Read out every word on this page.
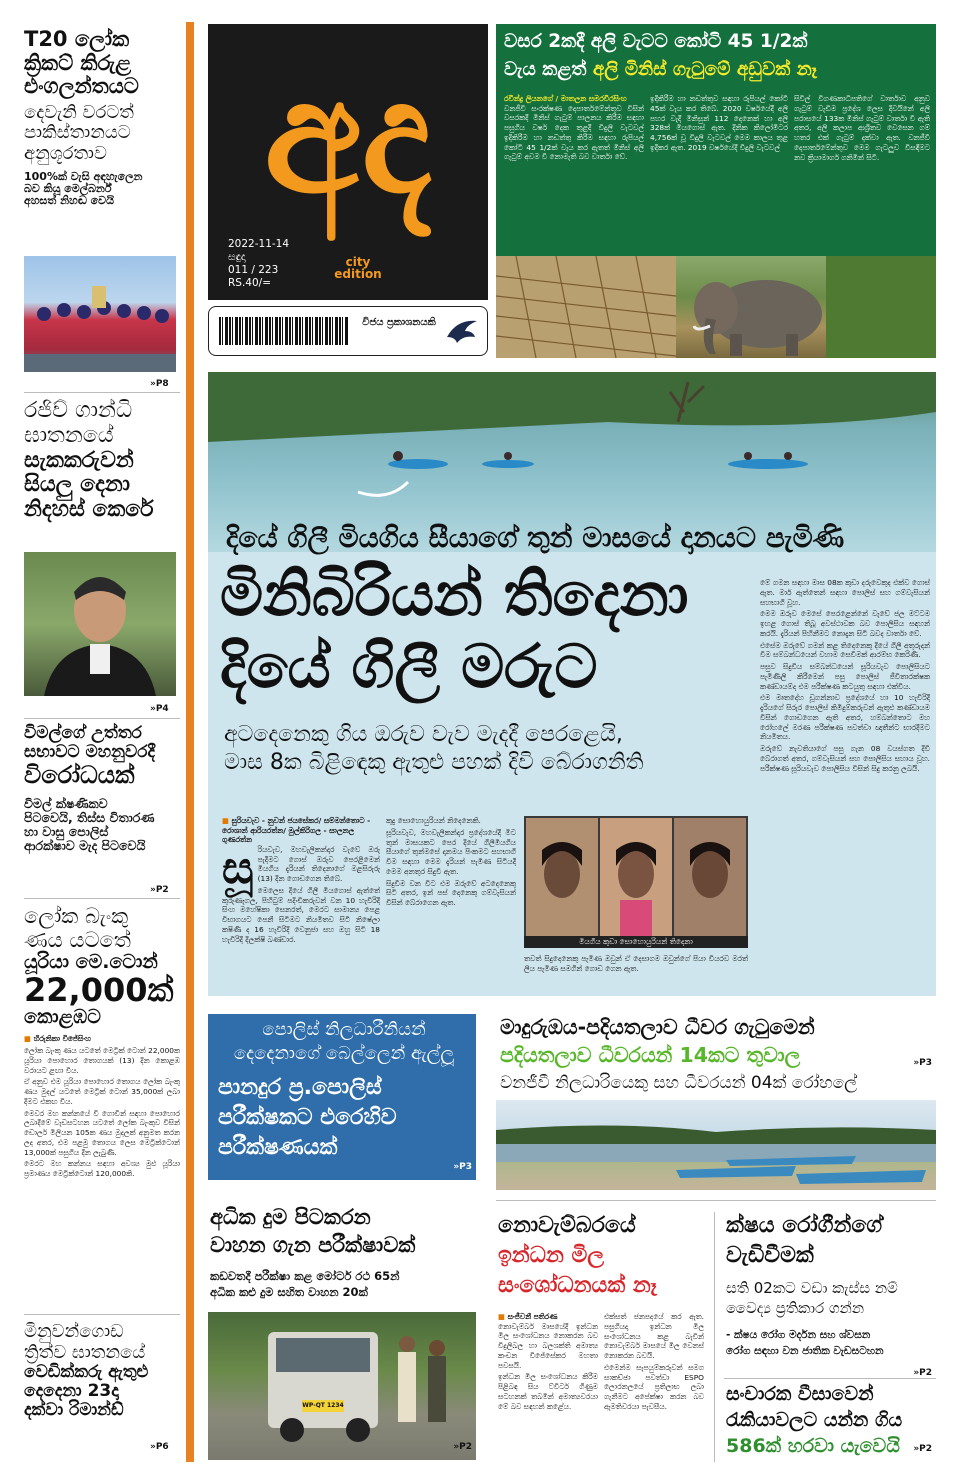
T20 ලෝක
ක්‍රිකට් කිරුළ
එංගලන්තයට
දෙවැනි වරටත්
පාකිස්තානයට
අනුශූරතාව
100%ක් වැසි අඳහැලෙන
බව කියූ මෙල්බර්න්
අහසත් නිහඬ වෙයි
»P8
රජිව් ගාන්ධි
ඝාතනයේ
සැකකරුවන්
සියලු දෙනා
නිදහස් කෙරේ
»P4
විමල්ගේ උත්තර
සභාවට මහනුවරදී
විරෝධයක්
විමල් ක්ෂණිකව
පිටවෙයි, තිස්ස විතාරණ
හා වාසු පොලිස්
ආරක්ෂාව මැද පිටවෙයි
»P2
ලෝක බැංකු
ණය යටතේ
යූරියා මෙ.ටොන්
22,000ක්
කොළඹට
■ හිරුනිකා විජේසිංහ

ලෝක බැංකු ණය යටතේ මෙට්‍රික් ටොන් 22,000ක යූරියා පොහොර තොගයක් (13) දින කොළඹ වරායට ළඟා විය.

ඒ අනුව එම යූරියා පොහොර තොගය ලෝක බැංකු ණය මුදල් යටතේ මෙට්‍රික් ටොන් 35,000ක් ලබා දීමට එකඟ විය.

මෙවර මහ කන්නයේ වී ගොවීන් සඳහා පොහොර ලබාදීමේ වැඩසටහන යටතේ ලෝක බැංකුව විසින් ඩොලර් මිලියන 105ක ණය මුදලක් අනුමත කරන ලද අතර, එම පළමු තොගය ලෙස මෙට්‍රික්ටොන් 13,000ක් පසුගිය දින ලැබුණි.

මෙරට මහ කන්නය සඳහා අවශ්‍ය මුළු යූරියා ප්‍රමාණය මෙට්‍රික්ටොන් 120,000කි.

මිනුවන්ගොඩ
ත්‍රිත්ව ඝාතනයේ
වෙඩික්කරු ඇතුළු
දෙදෙනා 23දා
දක්වා රිමාන්ඩ්
»P6
අද
city edition
2022-11-14
සඳුදා
011 / 223
RS.40/=
විජය ප්‍රකාශනයකි
වසර 2කදී අලි වැටට කෝටි 45 1/2ක්
වැය කළත් අලි මිනිස් ගැටුමේ අඩුවක් නෑ
රවීන්ද්‍ර ලියනගේ / මාතලන සමරවීරසිංහ

වනජීවී සංරක්ෂණ දෙපාර්තමේන්තුව විසින් වසරකදී මිනිස් ගැටුම් පාලනය කිරීම සඳහා පසුගිය වර්ෂ දෙක තුළදී විදුලි වැටවල් ඉදිකිරීම හා නඩත්තු කිරීම සඳහා රුපියල් කෝටි 45 1/2ක් වැය කර ඇතත් මිනිස් අලි ගැටුම් අවම වී නොමැති බව වාර්තා වේ.

ඉදිකිරීම හා නඩත්තුව සඳහා රුපියල් කෝටි 45ක් වැය කර තිබේ. 2020 වර්ෂයේදී අලි පහර වැදී මිනිසුන් 112 දෙනෙක් හා අලි 328ක් මියගොස් ඇත. දිනික කිලෝමීටර 4,756ක් වූ විදුලි වැටවල් මෙම කාලය තුළ ඉදිකර ඇත. 2019 වර්ෂයේදී විදුලි වැටවල්

සිවිල් විගණකාධිපතිගේ වාර්තාව අනුව ගැටුම් වැඩිම ප්‍රදේශ ලෙස දිවයිනේ අලි පරාසයේ 133ක මිනිස් ගැටුම් වාර්තා වී ඇති අතර, අලි කලාප ආශ්‍රිතව වෙසෙන ගම් හතර එක් ගැටුම් දක්වා ඇත. වනජීවී දෙපාර්තමේන්තුව මෙම ගැටලුව විසඳීමට නව ක්‍රියාමාර්ග ගනිමින් සිටී.

දියේ ගිලී මියගිය සීයාගේ තුන් මාසයේ දානයට පැමිණි
මිනිබිරියන් තිදෙනා
දියේ ගිලී මරුට
අටදෙනෙකු ගිය ඔරුව වැව මැදදී පෙරළෙයි,
මාස 8ක බිළිඳෙකු ඇතුළු පහක් දිවි බේරාගනිති
■ සුරියවැව - නුවන් ජයසේකර/ සම්මන්තොට - රොශාන් ආරියරත්න/ මුල්කිරිගල - සාලනල ගුණරත්න
සූ රියවැව, මහවැලිකන්දාර වැවේ ඔරු පැදීමට ගොස් ඔරුව පෙරළීමෙන් මියගිය දැරියන් තිදෙනාගේ මළසිරුරු (13) දින ගොඩගෙන තිබේ.

මෙලෙස දියේ ගිලී මියගොස් ඇත්තේ කුරුණෑගල, පිහිටුම් පදිංචිකරුවන් වන 10 හැවිරිදි සිංහ මහේෂිකා සෙනරත්, මෙරට සාමාන්‍ය පෙළ විභාගයට පෙනී සිටිමට නියමිතව සිටි නිෂේලා කෂිණි ද 16 හැවිරිදි වෙනුජා සහ ඔහු සිටි 18 හැවිරිදි දිලක්ෂි බණ්ඩාර.

කුදු සොහොයුරියන් නිදෙනෙකි.

සූරියවැව, මහවැලිකන්දාර ප්‍රදේශයේදී මීට තුන් මාසයකට පෙර දියේ ගිලීමියගිය සීයාගේ තුන්මසේ දානමය පිංකමට සහභාගි වීම සඳහා මෙම දැරියන් පැමිණ සිටියදී මෙම අනතුර සිදුවී ඇත.

සිදුවීම වන විට එම ඔරුවේ අටදෙනෙකු සිටි අතර, ඉන් පස් දෙනෙකු ගම්වැසියන් විසින් බේරාගෙන ඇත.

මියගිය කුඩා සොහොයුරියන් තිදෙනා

තවත් සිදුදෙනෙකු පැමිණ ඔවුන් ඒ දෙසාගම ඔවුන්ගේ පියා වියරව මරත් ලිය පැමිණ සමගින් ගොඩ ගෙන ඇත.

මේ ගමන සඳහා මාස 08ක කුඩා දරුවෙකුද එක්ව ගොස් ඇත. මාර් ඇත්තෙන් සඳහා පොලිස් සහ ගම්වැසියන් සහභාගි වූහ.

මෙම ඔරුව මෙසේ පෙරළෙන්නේ වැවේ ජල මට්ටම ඉහළ ගොස් තිබූ අවස්ථාවක බව පොලිසිය සඳහන් කරයි. දැරියන් පිහිනීමට නොදැන සිටි බවද වාර්තා වේ.

එසේම ඔරුවේ ගමන් කළ තිදෙනෙකු දියේ ගිලී අතුරුදන් වීම සම්බන්ධයෙන් වහාම සෙවීමක් ආරම්භ කෙරිණි.

පසුව සිදුවිය සම්බන්ධයෙන් සූරියවැව පොලිසියට පැමිණිලි කිරීමෙන් පසු පොලිස් ජීවිතාරක්ෂක කණ්ඩායම්ද එම පරීක්ෂණ කටයුතු සඳහා එක්විය.

එම මෘතදේහ ඩූගන්නාව ප්‍රදේශයේ හා 10 හැවිරිදි දැරියගේ සිරුර පොලිස් කිමිදුම්කරුවන් ඇතුළු කණ්ඩායම විසින් ගොඩගෙන ඇති අතර, හම්බන්තොට මහ රෝහලේ මරණ පරීක්ෂණ පවත්වා ඥාතීන්ට භාරදීමට නියමිතය.

ඔරුවේ නැවතියාගේ පසු ගැන 08 වයස්ගත දිවි බේරාගත් අතර, ගම්වැසියන් සහ පොලිසිය සහාය වූහ. පරීක්ෂණ සූරියවැව පොලිසිය විසින් සිදු කරනු ලබයි.

පොලිස් නිලධාරීනියන්
දෙදෙනාගේ බෙල්ලෙන් ඇල්ලූ
පානදුර ප්‍ර.පොලිස්
පරීක්ෂකට එරෙහිව
පරීක්ෂණයක්
»P3
මාදුරුඔය-පදියතලාව ධීවර ගැටුමෙන්
පදියතලාව ධීවරයන් 14කට තුවාල	»P3
වනජීවී නිලධාරියෙකු සහ ධීවරයන් 04ක් රෝහලේ
අධික දුම පිටකරන
වාහන ගැන පරීක්ෂාවක්
කඩවතදී පරීක්ෂා කළ මෝටර් රථ 65න්
අධික කළු දුම සහිත වාහන 20ක්
WP-QT 1234
»P2
නොවැම්බරයේ
ඉන්ධන මිල
සංශෝධනයක් නෑ
■ සංජීවනී පතිරණ

නොවැම්බර් මාසයේදී ඉන්ධන මිල සංශෝධනය නොකරන බව විදුලිබල හා බලශක්ති අමාත්‍ය කංචන විජේසේකර මහතා පවසයි.

ඉන්ධන මිල සංශෝධනය කිරීම පිළිබඳ සිය ට්විටර් ගිණුම සටහනක් තබමින් අමාත්‍යවරයා මේ බව සඳහන් කළේය.

එක්සත් ජනපදයේ කර ඇත. පසුගියදා ඉන්ධන මිල සංශෝධනය කළ බැවින් නොවැම්බර් මාසයේ මිල වෙනස් නොකරන බවයි.

එමෙන්ම සැපයුම්කරුවන් සමග සාකච්ඡා පවත්වා ESPO ලොරනලයේ ප්‍රතිලාභ ලබා ගැනීමට අපේක්ෂා කරන බව ඇමතිවරයා පැවසීය.

ක්ෂය රෝගීන්ගේ
වැඩිවීමක්
සති 02කට වඩා කැස්ස නම්
වෛද්‍ය ප්‍රතිකාර ගන්න
- ක්ෂය රෝග මර්දන සහ ශ්වසන
රෝග සඳහා වන ජාතික වැඩසටහන
»P2
සංචාරක වීසාවෙන්
රැකියාවලට යන්න ගිය
586ක් හරවා යැවෙයි	»P2
